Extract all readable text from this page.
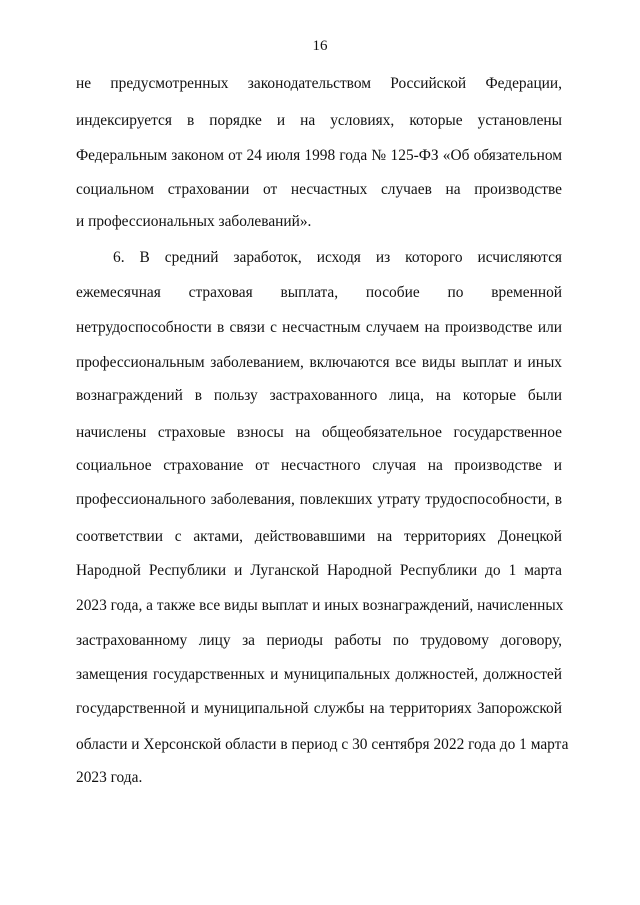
16
не предусмотренных законодательством Российской Федерации,
индексируется в порядке и на условиях, которые установлены
Федеральным законом от 24 июля 1998 года № 125-ФЗ «Об обязательном
социальном страховании от несчастных случаев на производстве
и профессиональных заболеваний».
6. В средний заработок, исходя из которого исчисляются
ежемесячная страховая выплата, пособие по временной
нетрудоспособности в связи с несчастным случаем на производстве или
профессиональным заболеванием, включаются все виды выплат и иных
вознаграждений в пользу застрахованного лица, на которые были
начислены страховые взносы на общеобязательное государственное
социальное страхование от несчастного случая на производстве и
профессионального заболевания, повлекших утрату трудоспособности, в
соответствии с актами, действовавшими на территориях Донецкой
Народной Республики и Луганской Народной Республики до 1 марта
2023 года, а также все виды выплат и иных вознаграждений, начисленных
застрахованному лицу за периоды работы по трудовому договору,
замещения государственных и муниципальных должностей, должностей
государственной и муниципальной службы на территориях Запорожской
области и Херсонской области в период с 30 сентября 2022 года до 1 марта
2023 года.
